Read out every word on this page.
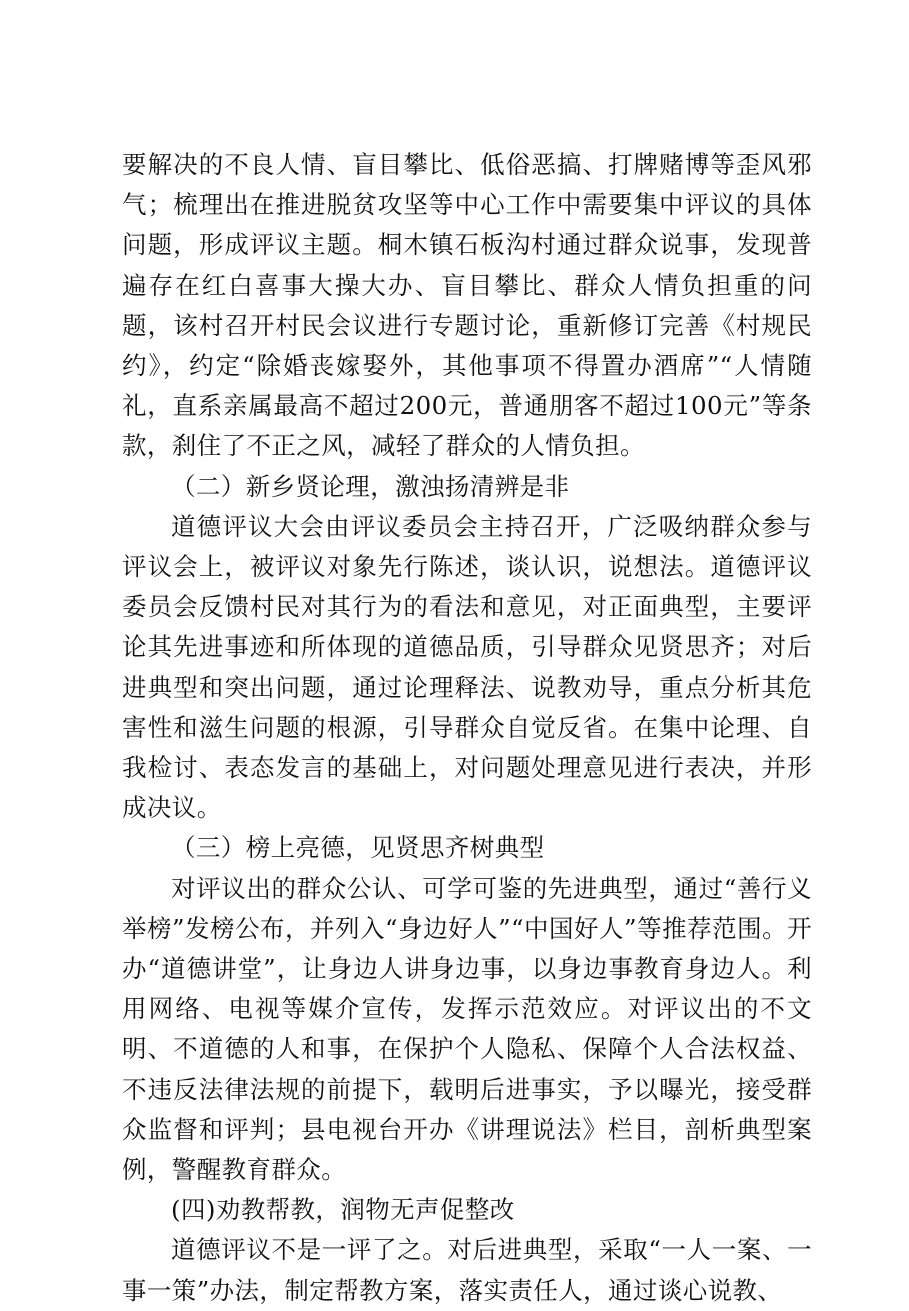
要解决的不良人情、盲目攀比、低俗恶搞、打牌赌博等歪风邪气；梳理出在推进脱贫攻坚等中心工作中需要集中评议的具体问题，形成评议主题。桐木镇石板沟村通过群众说事，发现普遍存在红白喜事大操大办、盲目攀比、群众人情负担重的问题，该村召开村民会议进行专题讨论，重新修订完善《村规民约》，约定“除婚丧嫁娶外，其他事项不得置办酒席”“人情随礼，直系亲属最高不超过200元，普通朋客不超过100元”等条款，刹住了不正之风，减轻了群众的人情负担。

（二）新乡贤论理，激浊扬清辨是非

道德评议大会由评议委员会主持召开，广泛吸纳群众参与评议会上，被评议对象先行陈述，谈认识，说想法。道德评议委员会反馈村民对其行为的看法和意见，对正面典型，主要评论其先进事迹和所体现的道德品质，引导群众见贤思齐；对后进典型和突出问题，通过论理释法、说教劝导，重点分析其危害性和滋生问题的根源，引导群众自觉反省。在集中论理、自我检讨、表态发言的基础上，对问题处理意见进行表决，并形成决议。

（三）榜上亮德，见贤思齐树典型

对评议出的群众公认、可学可鉴的先进典型，通过“善行义举榜”发榜公布，并列入“身边好人”“中国好人”等推荐范围。开办“道德讲堂”，让身边人讲身边事，以身边事教育身边人。利用网络、电视等媒介宣传，发挥示范效应。对评议出的不文明、不道德的人和事，在保护个人隐私、保障个人合法权益、不违反法律法规的前提下，载明后进事实，予以曝光，接受群众监督和评判；县电视台开办《讲理说法》栏目，剖析典型案例，警醒教育群众。

(四)劝教帮教，润物无声促整改

道德评议不是一评了之。对后进典型，采取“一人一案、一事一策”办法，制定帮教方案，落实责任人，通过谈心说教、
